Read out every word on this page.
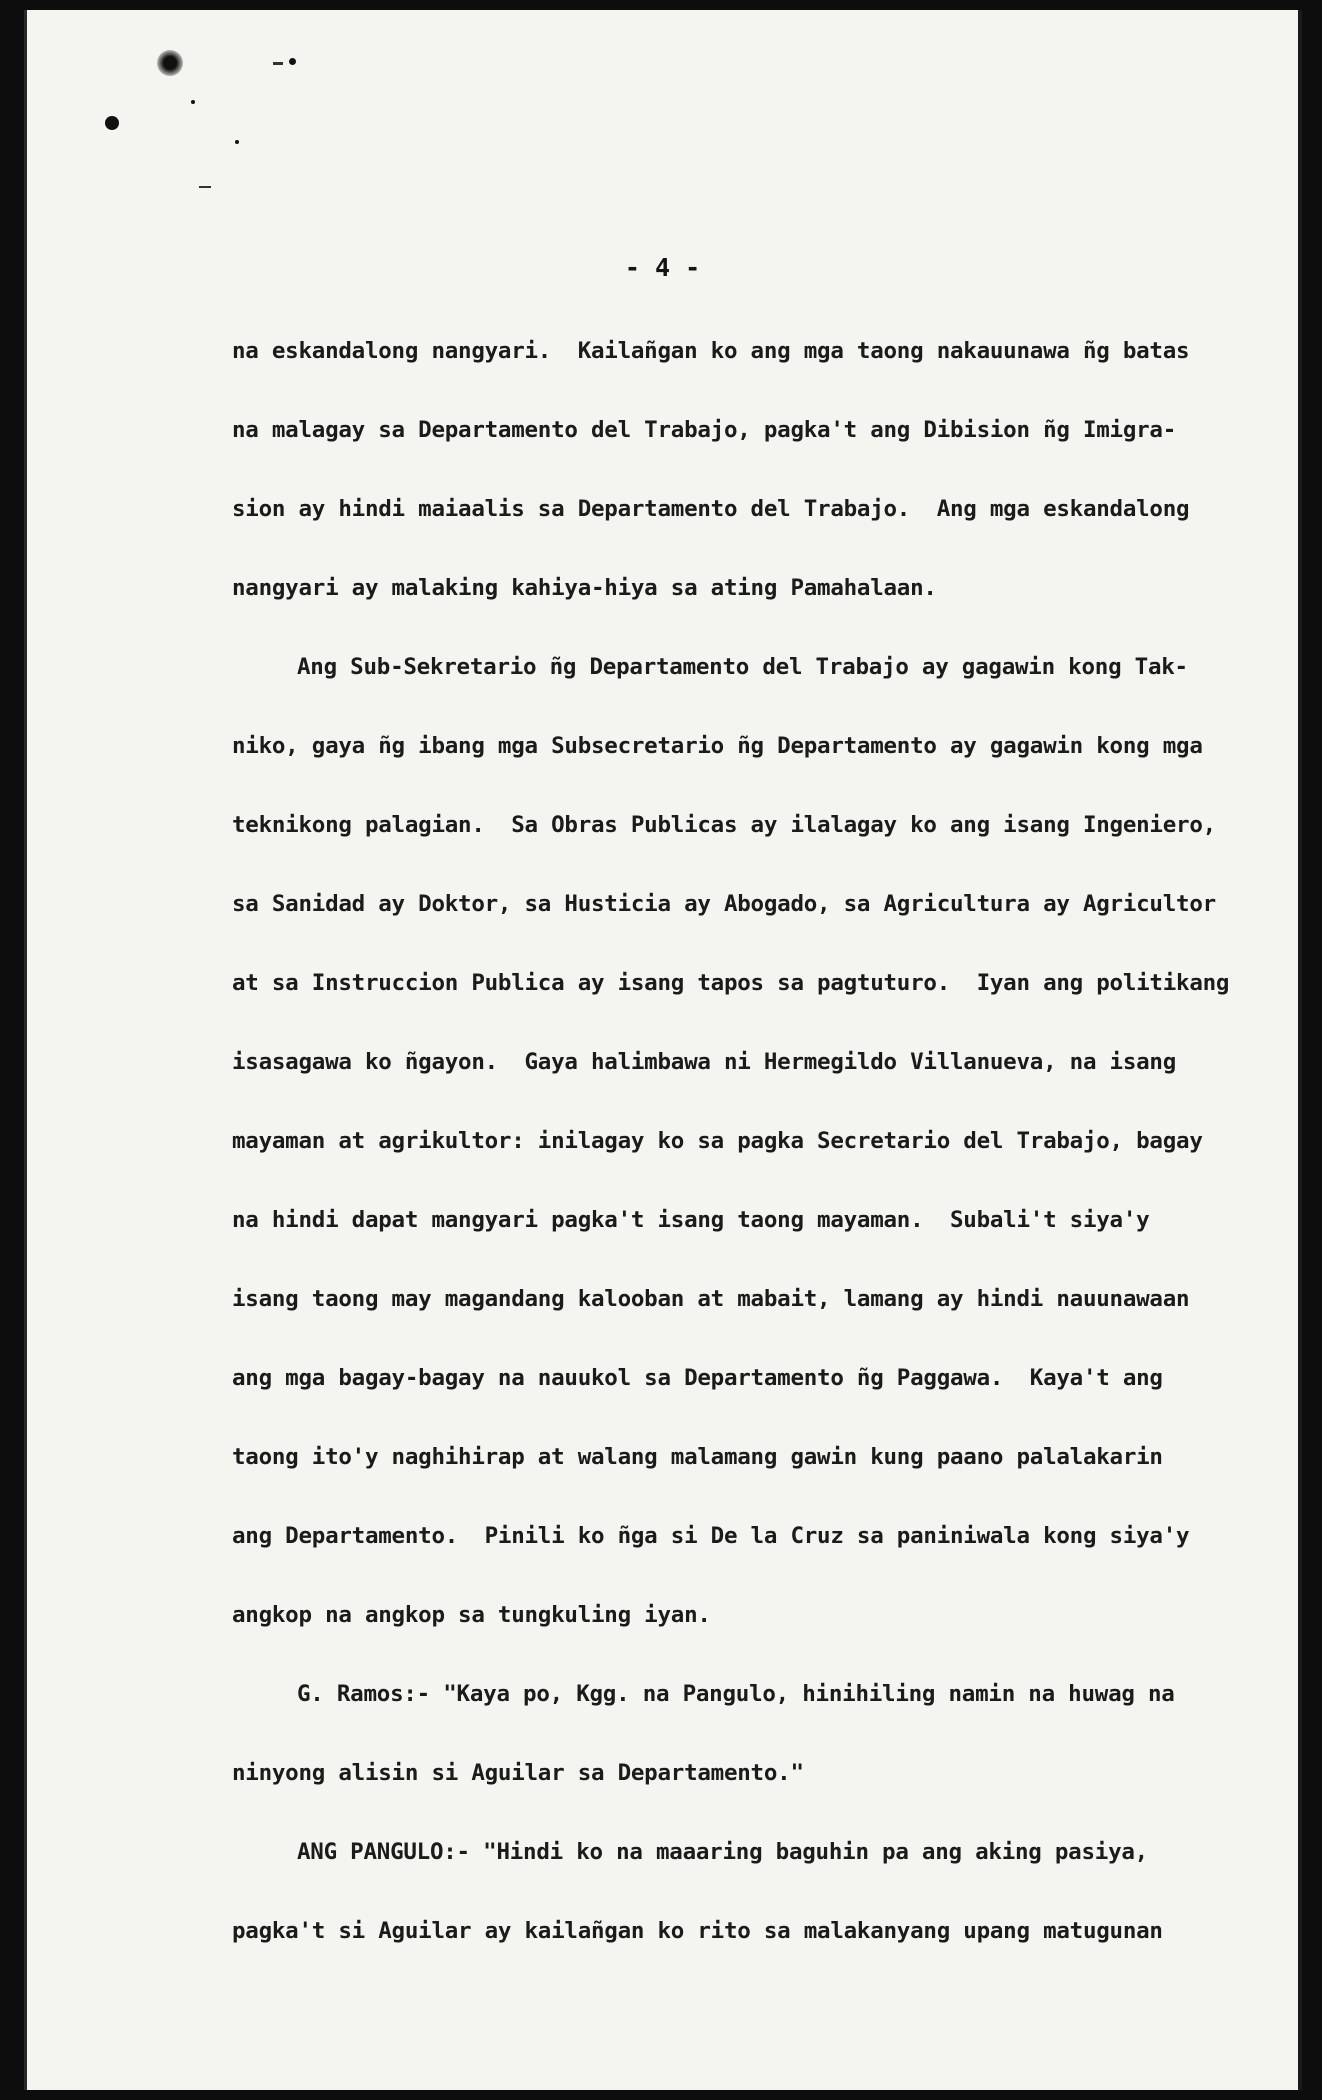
- 4 -
na eskandalong nangyari.  Kailañgan ko ang mga taong nakauunawa ñg batas
na malagay sa Departamento del Trabajo, pagka't ang Dibision ñg Imigra-
sion ay hindi maiaalis sa Departamento del Trabajo.  Ang mga eskandalong
nangyari ay malaking kahiya-hiya sa ating Pamahalaan.
Ang Sub-Sekretario ñg Departamento del Trabajo ay gagawin kong Tak-
niko, gaya ñg ibang mga Subsecretario ñg Departamento ay gagawin kong mga
teknikong palagian.  Sa Obras Publicas ay ilalagay ko ang isang Ingeniero,
sa Sanidad ay Doktor, sa Husticia ay Abogado, sa Agricultura ay Agricultor
at sa Instruccion Publica ay isang tapos sa pagtuturo.  Iyan ang politikang
isasagawa ko ñgayon.  Gaya halimbawa ni Hermegildo Villanueva, na isang
mayaman at agrikultor: inilagay ko sa pagka Secretario del Trabajo, bagay
na hindi dapat mangyari pagka't isang taong mayaman.  Subali't siya'y
isang taong may magandang kalooban at mabait, lamang ay hindi nauunawaan
ang mga bagay-bagay na nauukol sa Departamento ñg Paggawa.  Kaya't ang
taong ito'y naghihirap at walang malamang gawin kung paano palalakarin
ang Departamento.  Pinili ko ñga si De la Cruz sa paniniwala kong siya'y
angkop na angkop sa tungkuling iyan.
G. Ramos:- "Kaya po, Kgg. na Pangulo, hinihiling namin na huwag na
ninyong alisin si Aguilar sa Departamento."
ANG PANGULO:- "Hindi ko na maaaring baguhin pa ang aking pasiya,
pagka't si Aguilar ay kailañgan ko rito sa malakanyang upang matugunan
